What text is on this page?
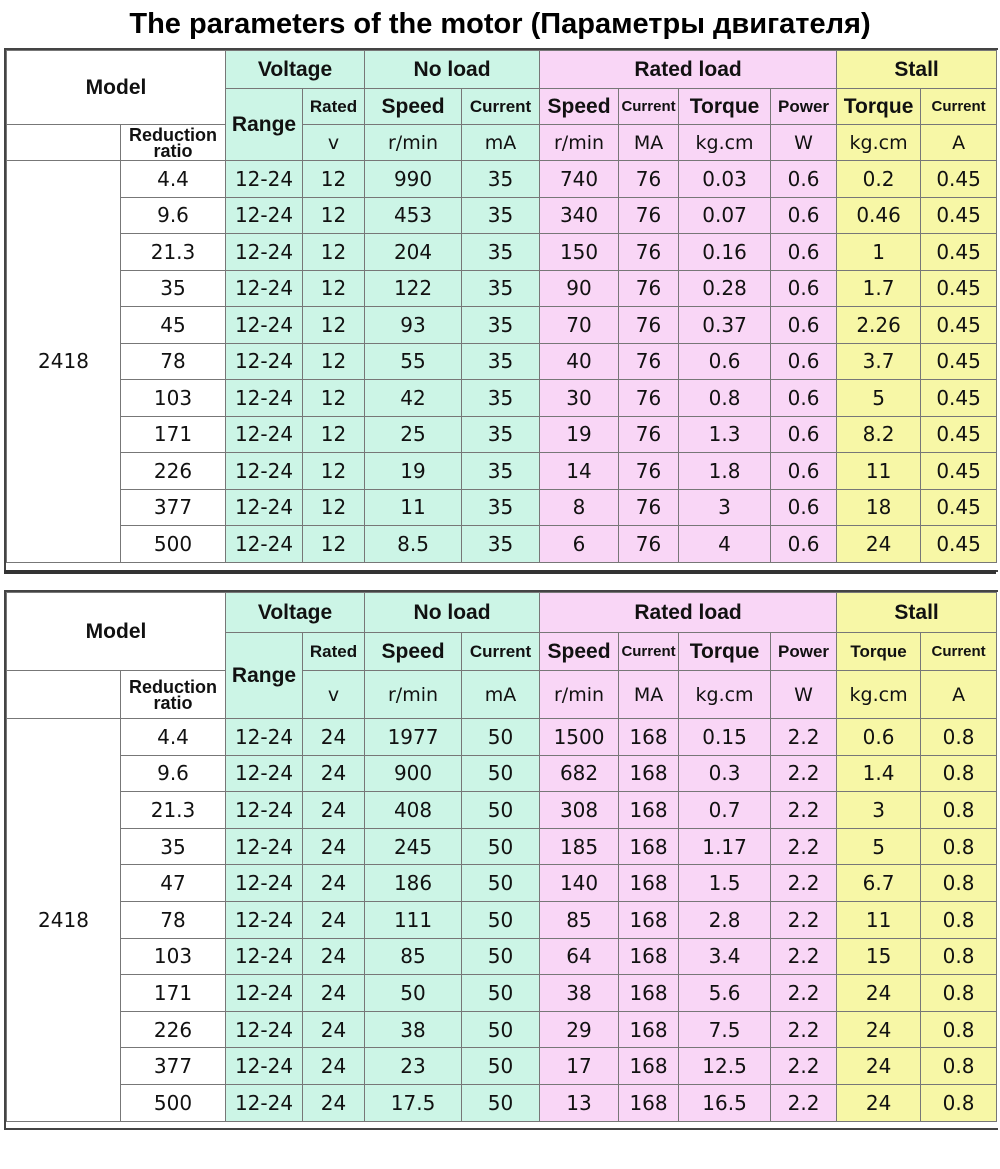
The parameters of the motor (Параметры двигателя)
Model		Voltage		No load		Rated load				Stall	
		Range	Rated	Speed	Current	Speed	Current	Torque	Power	Torque	Current
	Reduction
ratio		v	r/min	mA	r/min	MA	kg.cm	W	kg.cm	A
2418	4.4	12-24	12	990	35	740	76	0.03	0.6	0.2	0.45
	9.6	12-24	12	453	35	340	76	0.07	0.6	0.46	0.45
	21.3	12-24	12	204	35	150	76	0.16	0.6	1	0.45
	35	12-24	12	122	35	90	76	0.28	0.6	1.7	0.45
	45	12-24	12	93	35	70	76	0.37	0.6	2.26	0.45
	78	12-24	12	55	35	40	76	0.6	0.6	3.7	0.45
	103	12-24	12	42	35	30	76	0.8	0.6	5	0.45
	171	12-24	12	25	35	19	76	1.3	0.6	8.2	0.45
	226	12-24	12	19	35	14	76	1.8	0.6	11	0.45
	377	12-24	12	11	35	8	76	3	0.6	18	0.45
	500	12-24	12	8.5	35	6	76	4	0.6	24	0.45
Model		Voltage		No load		Rated load				Stall	
		Range	Rated	Speed	Current	Speed	Current	Torque	Power	Torque	Current
	Reduction
ratio		v	r/min	mA	r/min	MA	kg.cm	W	kg.cm	A
2418	4.4	12-24	24	1977	50	1500	168	0.15	2.2	0.6	0.8
	9.6	12-24	24	900	50	682	168	0.3	2.2	1.4	0.8
	21.3	12-24	24	408	50	308	168	0.7	2.2	3	0.8
	35	12-24	24	245	50	185	168	1.17	2.2	5	0.8
	47	12-24	24	186	50	140	168	1.5	2.2	6.7	0.8
	78	12-24	24	111	50	85	168	2.8	2.2	11	0.8
	103	12-24	24	85	50	64	168	3.4	2.2	15	0.8
	171	12-24	24	50	50	38	168	5.6	2.2	24	0.8
	226	12-24	24	38	50	29	168	7.5	2.2	24	0.8
	377	12-24	24	23	50	17	168	12.5	2.2	24	0.8
	500	12-24	24	17.5	50	13	168	16.5	2.2	24	0.8
